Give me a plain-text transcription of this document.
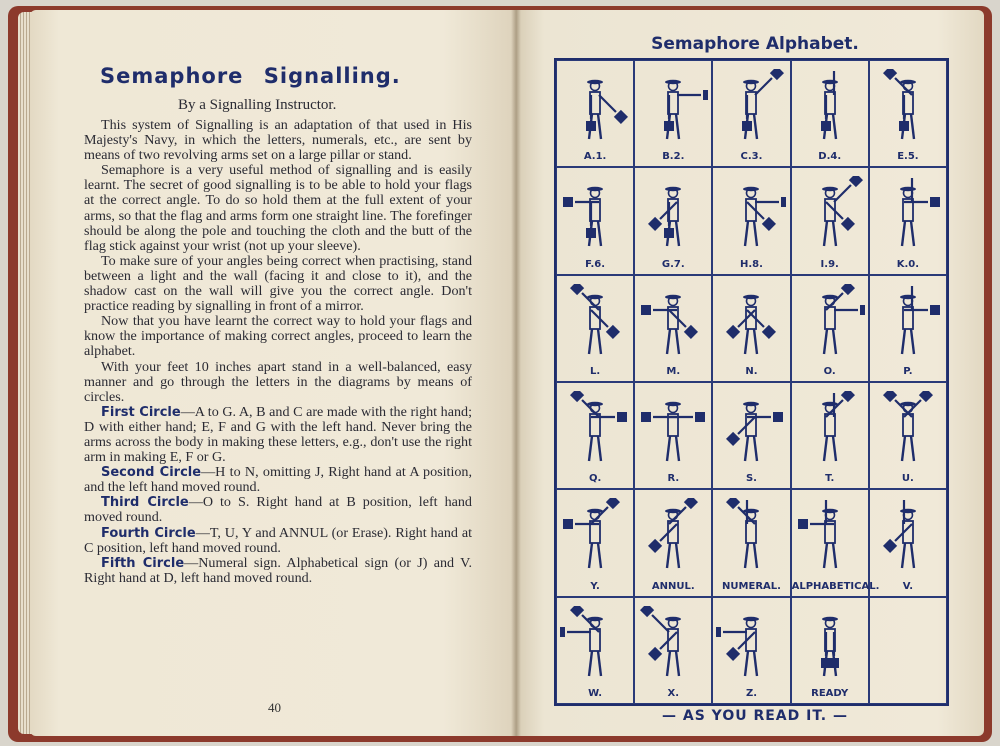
Semaphore Signalling.
By a Signalling Instructor.

This system of Signalling is an adaptation of that used in His Majesty's Navy, in which the letters, numerals, etc., are sent by means of two revolving arms set on a large pillar or stand.

Semaphore is a very useful method of signalling and is easily learnt. The secret of good signalling is to be able to hold your flags at the correct angle. To do so hold them at the full extent of your arms, so that the flag and arms form one straight line. The forefinger should be along the pole and touching the cloth and the butt of the flag stick against your wrist (not up your sleeve).

To make sure of your angles being correct when practising, stand between a light and the wall (facing it and close to it), and the shadow cast on the wall will give you the correct angle. Don't practice reading by signalling in front of a mirror.

Now that you have learnt the correct way to hold your flags and know the importance of making correct angles, proceed to learn the alphabet.

With your feet 10 inches apart stand in a well-balanced, easy manner and go through the letters in the diagrams by means of circles.

First Circle—A to G. A, B and C are made with the right hand; D with either hand; E, F and G with the left hand. Never bring the arms across the body in making these letters, e.g., don't use the right arm in making E, F or G.

Second Circle—H to N, omitting J, Right hand at A position, and the left hand moved round.

Third Circle—O to S. Right hand at B position, left hand moved round.

Fourth Circle—T, U, Y and ANNUL (or Erase). Right hand at C position, left hand moved round.

Fifth Circle—Numeral sign. Alphabetical sign (or J) and V. Right hand at D, left hand moved round.

40
Semaphore Alphabet.
A.1.	B.2.	C.3.	D.4.	E.5.
F.6.	G.7.	H.8.	I.9.	K.0.
L.	M.	N.	O.	P.
Q.	R.	S.	T.	U.
Y.	ANNUL.	NUMERAL.	ALPHABETICAL.	V.
W.	X.	Z.	READY
— AS YOU READ IT. —
